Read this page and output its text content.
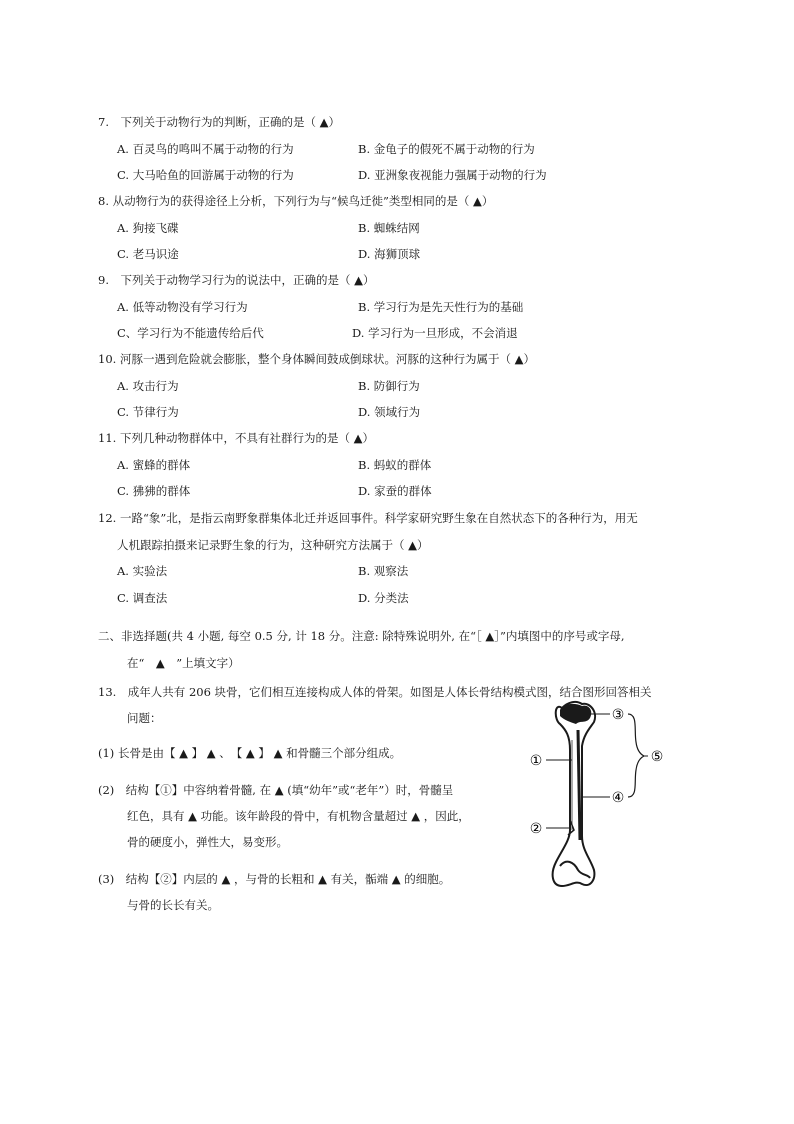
7.　下列关于动物行为的判断，正确的是（ ▲）
A. 百灵鸟的鸣叫不属于动物的行为	B. 金龟子的假死不属于动物的行为
C. 大马哈鱼的回游属于动物的行为	D. 亚洲象夜视能力强属于动物的行为
8. 从动物行为的获得途径上分析，下列行为与“候鸟迁徙”类型相同的是（ ▲）
A. 狗接飞碟	B. 蜘蛛结网
C. 老马识途	D. 海狮顶球
9.　下列关于动物学习行为的说法中，正确的是（ ▲）
A. 低等动物没有学习行为	B. 学习行为是先天性行为的基础
C、学习行为不能遗传给后代	D. 学习行为一旦形成，不会消退
10. 河豚一遇到危险就会膨胀，整个身体瞬间鼓成倒球状。河豚的这种行为属于（ ▲）
A. 攻击行为	B. 防御行为
C. 节律行为	D. 领域行为
11. 下列几种动物群体中，不具有社群行为的是（ ▲）
A. 蜜蜂的群体	B. 蚂蚁的群体
C. 狒狒的群体	D. 家蚕的群体
12. 一路“象”北，是指云南野象群集体北迁并返回事件。科学家研究野生象在自然状态下的各种行为，用无
人机跟踪拍摄来记录野生象的行为，这种研究方法属于（ ▲）
A. 实验法	B. 观察法
C. 调查法	D. 分类法
二、非选择题(共 4 小题, 每空 0.5 分, 计 18 分。注意: 除特殊说明外, 在“［ ▲］”内填图中的序号或字母,
在“　▲　”上填文字）
13.　成年人共有 206 块骨，它们相互连接构成人体的骨架。如图是人体长骨结构模式图，结合图形回答相关
问题：
(1) 长骨是由【 ▲ 】 ▲ 、　【 ▲ 】 ▲ 和骨髓三个部分组成。
(2)　结构【①】中容纳着骨髓, 在 ▲ (填“幼年”或“老年”）时，骨髓呈
红色，具有 ▲ 功能。该年龄段的骨中，有机物含量超过 ▲ ，因此，
骨的硬度小，弹性大，易变形。
(3)　结构【②】内层的 ▲ ，与骨的长粗和 ▲ 有关，骺端 ▲ 的细胞。
与骨的长长有关。
③
①	⑤
④
②
